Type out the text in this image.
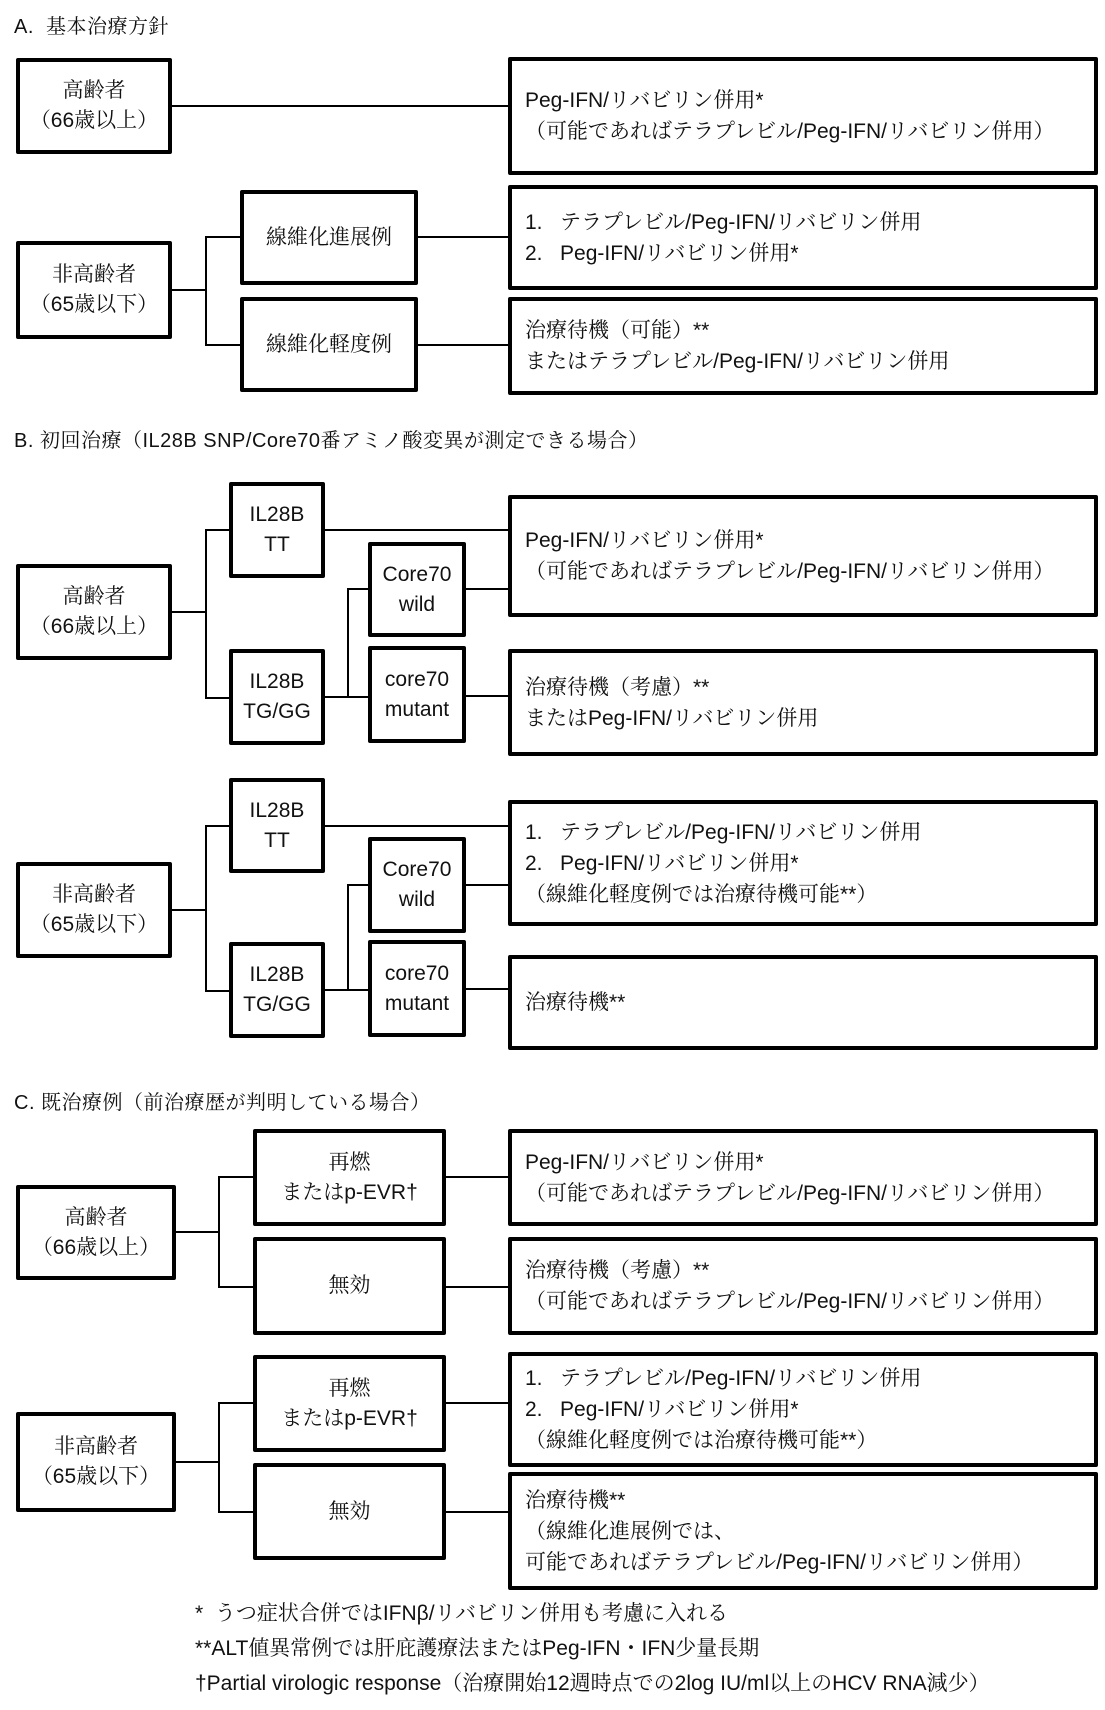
A.  基本治療方針
高齢者
（66歳以上）
非高齢者
（65歳以下）
線維化進展例
線維化軽度例
Peg-IFN/リバビリン併用*
（可能であればテラプレビル/Peg-IFN/リバビリン併用）
1.   テラプレビル/Peg-IFN/リバビリン併用
2.   Peg-IFN/リバビリン併用*
治療待機（可能）**
またはテラプレビル/Peg-IFN/リバビリン併用
B. 初回治療（IL28B SNP/Core70番アミノ酸変異が測定できる場合）
高齢者
（66歳以上）
IL28B
TT
IL28B
TG/GG
Core70
wild
core70
mutant
Peg-IFN/リバビリン併用*
（可能であればテラプレビル/Peg-IFN/リバビリン併用）
治療待機（考慮）**
またはPeg-IFN/リバビリン併用
非高齢者
（65歳以下）
IL28B
TT
IL28B
TG/GG
Core70
wild
core70
mutant
1.   テラプレビル/Peg-IFN/リバビリン併用
2.   Peg-IFN/リバビリン併用*
（線維化軽度例では治療待機可能**）
治療待機**
C. 既治療例（前治療歴が判明している場合）
高齢者
（66歳以上）
再燃
またはp-EVR†
無効
Peg-IFN/リバビリン併用*
（可能であればテラプレビル/Peg-IFN/リバビリン併用）
治療待機（考慮）**
（可能であればテラプレビル/Peg-IFN/リバビリン併用）
非高齢者
（65歳以下）
再燃
またはp-EVR†
無効
1.   テラプレビル/Peg-IFN/リバビリン併用
2.   Peg-IFN/リバビリン併用*
（線維化軽度例では治療待機可能**）
治療待機**
（線維化進展例では、
可能であればテラプレビル/Peg-IFN/リバビリン併用）
*  うつ症状合併ではIFNβ/リバビリン併用も考慮に入れる
**ALT値異常例では肝庇護療法またはPeg-IFN・IFN少量長期
†Partial virologic response（治療開始12週時点での2log IU/ml以上のHCV RNA減少）
